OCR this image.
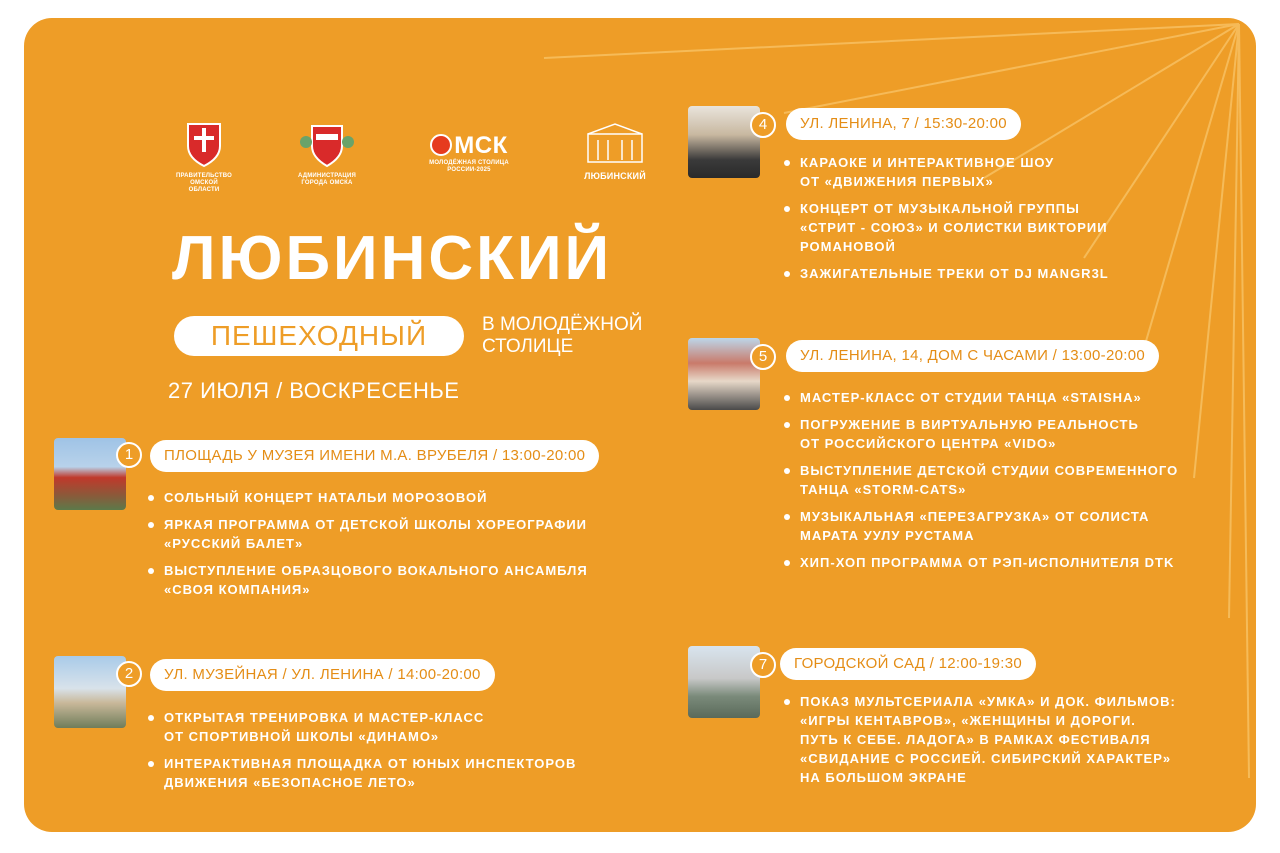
ПРАВИТЕЛЬСТВО
ОМСКОЙ ОБЛАСТИ
АДМИНИСТРАЦИЯ
ГОРОДА ОМСКА
МСК
МОЛОДЁЖНАЯ СТОЛИЦА
РОССИИ-2025
ЛЮБИНСКИЙ
ЛЮБИНСКИЙ
ПЕШЕХОДНЫЙ	В МОЛОДЁЖНОЙ
СТОЛИЦЕ
27 ИЮЛЯ / ВОСКРЕСЕНЬЕ
1	ПЛОЩАДЬ У МУЗЕЯ ИМЕНИ М.А. ВРУБЕЛЯ / 13:00-20:00
СОЛЬНЫЙ КОНЦЕРТ НАТАЛЬИ МОРОЗОВОЙ
ЯРКАЯ ПРОГРАММА ОТ ДЕТСКОЙ ШКОЛЫ ХОРЕОГРАФИИ
«РУССКИЙ БАЛЕТ»
ВЫСТУПЛЕНИЕ ОБРАЗЦОВОГО ВОКАЛЬНОГО АНСАМБЛЯ
«СВОЯ КОМПАНИЯ»
2	УЛ. МУЗЕЙНАЯ / УЛ. ЛЕНИНА / 14:00-20:00
ОТКРЫТАЯ ТРЕНИРОВКА И МАСТЕР-КЛАСС
ОТ СПОРТИВНОЙ ШКОЛЫ «ДИНАМО»
ИНТЕРАКТИВНАЯ ПЛОЩАДКА ОТ ЮНЫХ ИНСПЕКТОРОВ
ДВИЖЕНИЯ «БЕЗОПАСНОЕ ЛЕТО»
4	УЛ. ЛЕНИНА, 7 / 15:30-20:00
КАРАОКЕ И ИНТЕРАКТИВНОЕ ШОУ
ОТ «ДВИЖЕНИЯ ПЕРВЫХ»
КОНЦЕРТ ОТ МУЗЫКАЛЬНОЙ ГРУППЫ
«СТРИТ - СОЮЗ» И СОЛИСТКИ ВИКТОРИИ
РОМАНОВОЙ
ЗАЖИГАТЕЛЬНЫЕ ТРЕКИ ОТ DJ MANGR3L
5	УЛ. ЛЕНИНА, 14, ДОМ С ЧАСАМИ / 13:00-20:00
МАСТЕР-КЛАСС ОТ СТУДИИ ТАНЦА «STAISHA»
ПОГРУЖЕНИЕ В ВИРТУАЛЬНУЮ РЕАЛЬНОСТЬ
ОТ РОССИЙСКОГО ЦЕНТРА «VIDO»
ВЫСТУПЛЕНИЕ ДЕТСКОЙ СТУДИИ СОВРЕМЕННОГО
ТАНЦА «STORM-CATS»
МУЗЫКАЛЬНАЯ «ПЕРЕЗАГРУЗКА» ОТ СОЛИСТА
МАРАТА УУЛУ РУСТАМА
ХИП-ХОП ПРОГРАММА ОТ РЭП-ИСПОЛНИТЕЛЯ DTK
7	ГОРОДСКОЙ САД / 12:00-19:30
ПОКАЗ МУЛЬТСЕРИАЛА «УМКА» И ДОК. ФИЛЬМОВ:
«ИГРЫ КЕНТАВРОВ», «ЖЕНЩИНЫ И ДОРОГИ.
ПУТЬ К СЕБЕ. ЛАДОГА» В РАМКАХ ФЕСТИВАЛЯ
«СВИДАНИЕ С РОССИЕЙ. СИБИРСКИЙ ХАРАКТЕР»
НА БОЛЬШОМ ЭКРАНЕ
